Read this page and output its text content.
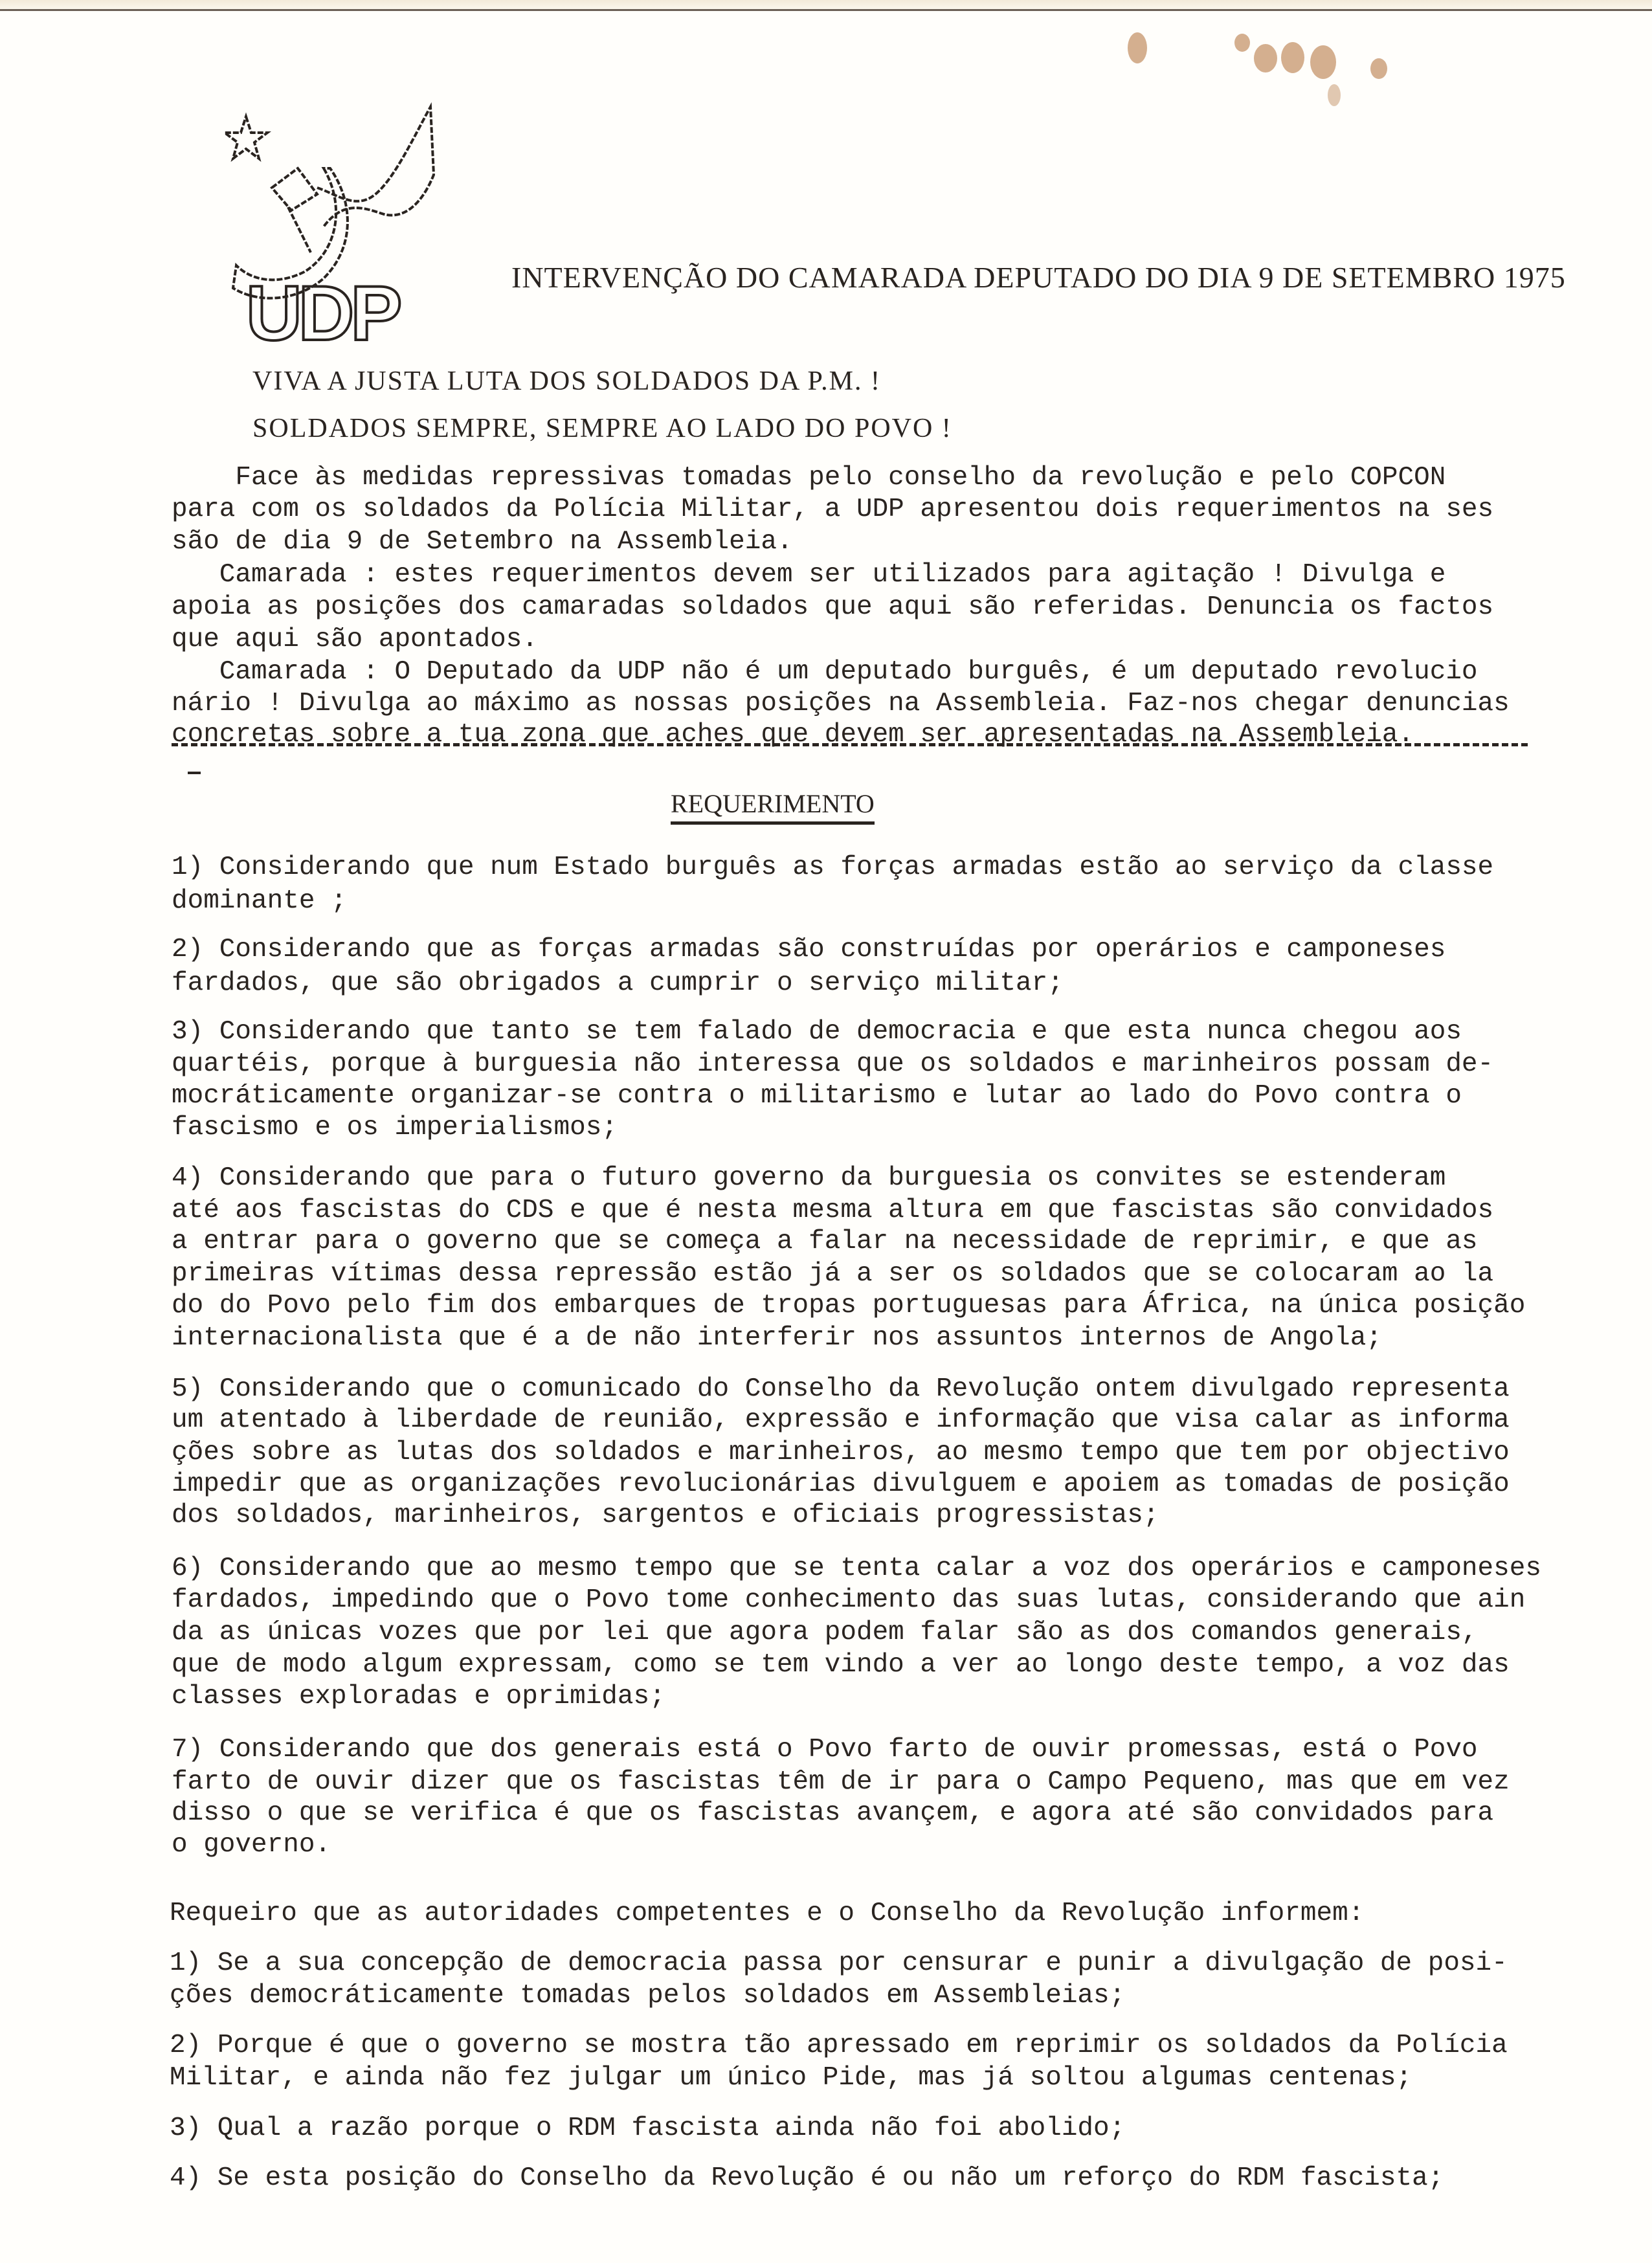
UDP	INTERVENÇÃO DO CAMARADA DEPUTADO DO DIA 9 DE SETEMBRO 1975
VIVA A JUSTA LUTA DOS SOLDADOS DA P.M. !
SOLDADOS SEMPRE, SEMPRE AO LADO DO POVO !
Face às medidas repressivas tomadas pelo conselho da revolução e pelo COPCON
para com os soldados da Polícia Militar, a UDP apresentou dois requerimentos na ses
são de dia 9 de Setembro na Assembleia.
Camarada : estes requerimentos devem ser utilizados para agitação ! Divulga e
apoia as posições dos camaradas soldados que aqui são referidas. Denuncia os factos
que aqui são apontados.
Camarada : O Deputado da UDP não é um deputado burguês, é um deputado revolucio
nário ! Divulga ao máximo as nossas posições na Assembleia. Faz-nos chegar denuncias
concretas sobre a tua zona que aches que devem ser apresentadas na Assembleia.
REQUERIMENTO
1) Considerando que num Estado burguês as forças armadas estão ao serviço da classe
dominante ;
2) Considerando que as forças armadas são construídas por operários e camponeses
fardados, que são obrigados a cumprir o serviço militar;
3) Considerando que tanto se tem falado de democracia e que esta nunca chegou aos
quartéis, porque à burguesia não interessa que os soldados e marinheiros possam de-
mocráticamente organizar-se contra o militarismo e lutar ao lado do Povo contra o
fascismo e os imperialismos;
4) Considerando que para o futuro governo da burguesia os convites se estenderam
até aos fascistas do CDS e que é nesta mesma altura em que fascistas são convidados
a entrar para o governo que se começa a falar na necessidade de reprimir, e que as
primeiras vítimas dessa repressão estão já a ser os soldados que se colocaram ao la
do do Povo pelo fim dos embarques de tropas portuguesas para África, na única posição
internacionalista que é a de não interferir nos assuntos internos de Angola;
5) Considerando que o comunicado do Conselho da Revolução ontem divulgado representa
um atentado à liberdade de reunião, expressão e informação que visa calar as informa
ções sobre as lutas dos soldados e marinheiros, ao mesmo tempo que tem por objectivo
impedir que as organizações revolucionárias divulguem e apoiem as tomadas de posição
dos soldados, marinheiros, sargentos e oficiais progressistas;
6) Considerando que ao mesmo tempo que se tenta calar a voz dos operários e camponeses
fardados, impedindo que o Povo tome conhecimento das suas lutas, considerando que ain
da as únicas vozes que por lei que agora podem falar são as dos comandos generais,
que de modo algum expressam, como se tem vindo a ver ao longo deste tempo, a voz das
classes exploradas e oprimidas;
7) Considerando que dos generais está o Povo farto de ouvir promessas, está o Povo
farto de ouvir dizer que os fascistas têm de ir para o Campo Pequeno, mas que em vez
disso o que se verifica é que os fascistas avançem, e agora até são convidados para
o governo.
Requeiro que as autoridades competentes e o Conselho da Revolução informem:
1) Se a sua concepção de democracia passa por censurar e punir a divulgação de posi-
ções democráticamente tomadas pelos soldados em Assembleias;
2) Porque é que o governo se mostra tão apressado em reprimir os soldados da Polícia
Militar, e ainda não fez julgar um único Pide, mas já soltou algumas centenas;
3) Qual a razão porque o RDM fascista ainda não foi abolido;
4) Se esta posição do Conselho da Revolução é ou não um reforço do RDM fascista;
